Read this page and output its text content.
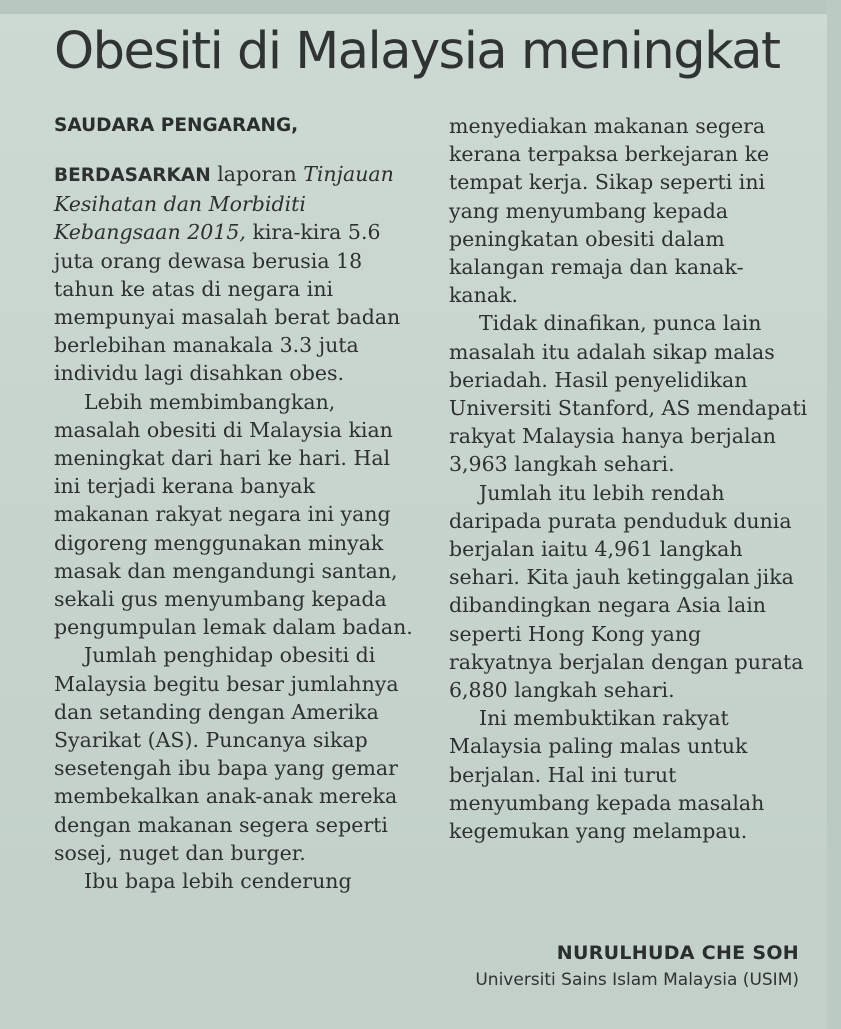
Obesiti di Malaysia meningkat
SAUDARA PENGARANG,

BERDASARKAN laporan Tinjauan Kesihatan dan Morbiditi Kebangsaan 2015, kira-kira 5.6 juta orang dewasa berusia 18 tahun ke atas di negara ini mempunyai masalah berat badan berlebihan manakala 3.3 juta individu lagi disahkan obes.

Lebih membimbangkan, masalah obesiti di Malaysia kian meningkat dari hari ke hari. Hal ini terjadi kerana banyak makanan rakyat negara ini yang digoreng menggunakan minyak masak dan mengandungi santan, sekali gus menyumbang kepada pengumpulan lemak dalam badan.

Jumlah penghidap obesiti di Malaysia begitu besar jumlahnya dan setanding dengan Amerika Syarikat (AS). Puncanya sikap sesetengah ibu bapa yang gemar membekalkan anak-anak mereka dengan makanan segera seperti sosej, nuget dan burger.

Ibu bapa lebih cenderung

menyediakan makanan segera kerana terpaksa berkejaran ke tempat kerja. Sikap seperti ini yang menyumbang kepada peningkatan obesiti dalam kalangan remaja dan kanak-kanak.

Tidak dinafikan, punca lain masalah itu adalah sikap malas beriadah. Hasil penyelidikan Universiti Stanford, AS mendapati rakyat Malaysia hanya berjalan 3,963 langkah sehari.

Jumlah itu lebih rendah daripada purata penduduk dunia berjalan iaitu 4,961 langkah sehari. Kita jauh ketinggalan jika dibandingkan negara Asia lain seperti Hong Kong yang rakyatnya berjalan dengan purata 6,880 langkah sehari.

Ini membuktikan rakyat Malaysia paling malas untuk berjalan. Hal ini turut menyumbang kepada masalah kegemukan yang melampau.

NURULHUDA CHE SOH
Universiti Sains Islam Malaysia (USIM)
